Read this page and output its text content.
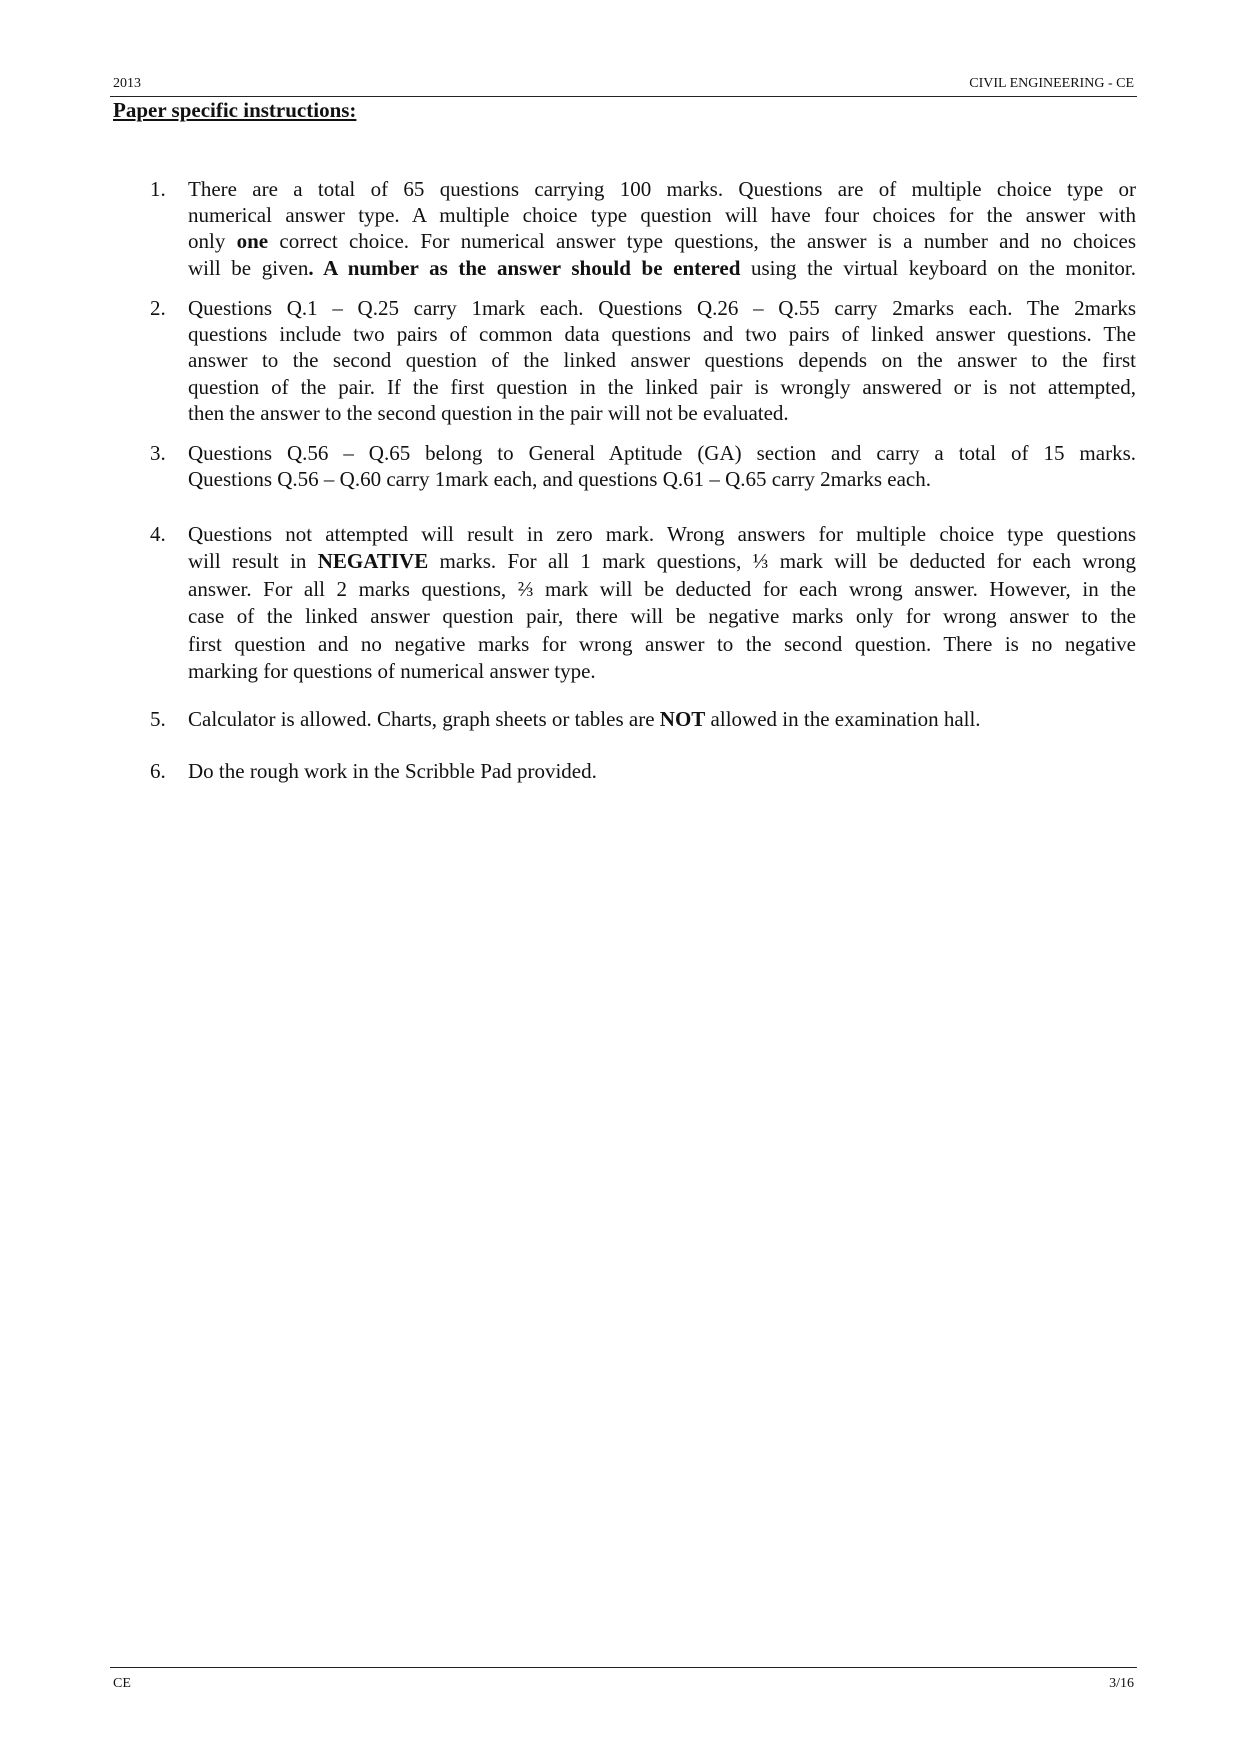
2013	CIVIL ENGINEERING - CE
Paper specific instructions:
1. There are a total of 65 questions carrying 100 marks. Questions are of multiple choice type or
numerical answer type. A multiple choice type question will have four choices for the answer with
only one correct choice. For numerical answer type questions, the answer is a number and no choices
will be given. A number as the answer should be entered using the virtual keyboard on the monitor.
2. Questions Q.1 – Q.25 carry 1mark each. Questions Q.26 – Q.55 carry 2marks each. The 2marks
questions include two pairs of common data questions and two pairs of linked answer questions. The
answer to the second question of the linked answer questions depends on the answer to the first
question of the pair. If the first question in the linked pair is wrongly answered or is not attempted,
then the answer to the second question in the pair will not be evaluated.
3. Questions Q.56 – Q.65 belong to General Aptitude (GA) section and carry a total of 15 marks.
Questions Q.56 – Q.60 carry 1mark each, and questions Q.61 – Q.65 carry 2marks each.
4. Questions not attempted will result in zero mark. Wrong answers for multiple choice type questions
will result in NEGATIVE marks. For all 1 mark questions, ⅓ mark will be deducted for each wrong
answer. For all 2 marks questions, ⅔ mark will be deducted for each wrong answer. However, in the
case of the linked answer question pair, there will be negative marks only for wrong answer to the
first question and no negative marks for wrong answer to the second question. There is no negative
marking for questions of numerical answer type.
5. Calculator is allowed. Charts, graph sheets or tables are NOT allowed in the examination hall.
6. Do the rough work in the Scribble Pad provided.
CE	3/16
